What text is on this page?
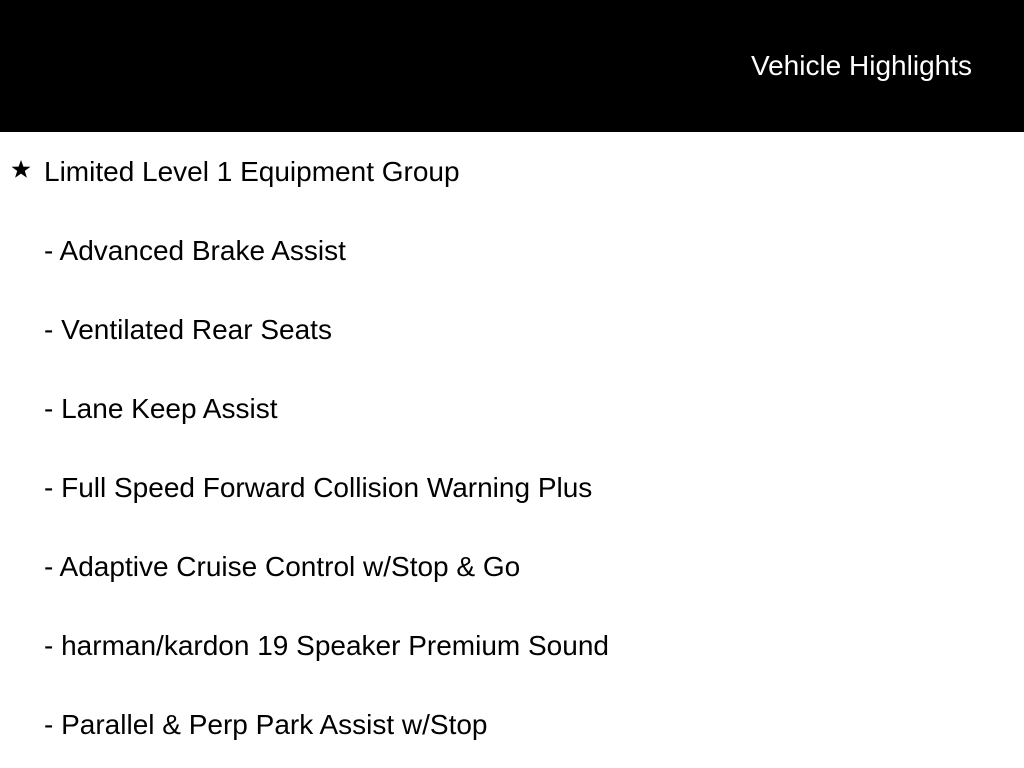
Vehicle Highlights
Limited Level 1 Equipment Group
- Advanced Brake Assist
- Ventilated Rear Seats
- Lane Keep Assist
- Full Speed Forward Collision Warning Plus
- Adaptive Cruise Control w/Stop & Go
- harman/kardon 19 Speaker Premium Sound
- Parallel & Perp Park Assist w/Stop
